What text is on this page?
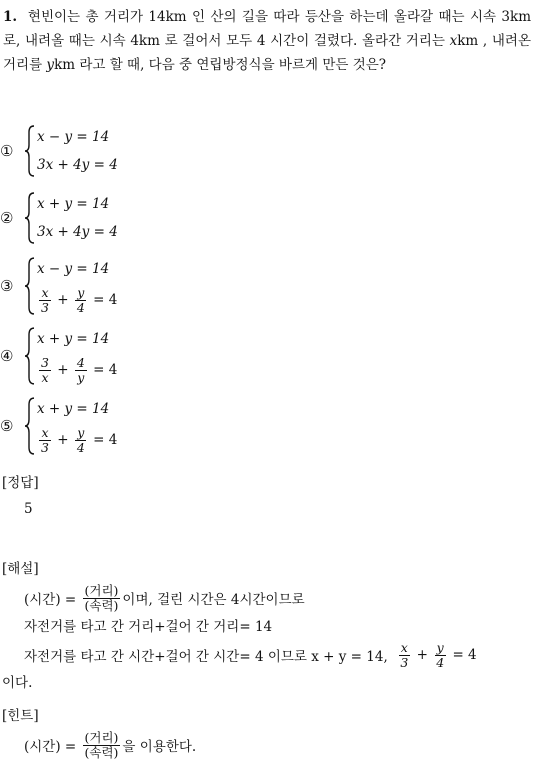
1. 현빈이는 총 거리가 14km 인 산의 길을 따라 등산을 하는데 올라갈 때는 시속 3km 로, 내려올 때는 시속 4km 로 걸어서 모두 4 시간이 걸렸다. 올라간 거리는 xkm , 내려온 거리를 ykm 라고 할 때, 다음 중 연립방정식을 바르게 만든 것은?
①
x − y = 14
3x + 4y = 4
②
x + y = 14
3x + 4y = 4
③
x − y = 14
$\frac{x}{3} + \frac{y}{4}$
= 4
④
x + y = 14
$\frac{3}{x} + \frac{4}{y}$
= 4
⑤
x + y = 14
$\frac{x}{3} + \frac{y}{4}$
= 4
[정답]
5
[해설]
(시간) =
$\frac{\text{(거리)}}{\text{(속력)}}$ 이며, 걸린 시간은 4시간이므로
자전거를 타고 간 거리+걸어 간 거리= 14
자전거를 타고 간 시간+걸어 간 시간= 4 이므로 x + y = 14,
$\frac{x}{3} + \frac{y}{4}$
= 4
이다.
[힌트]
(시간) =
$\frac{\text{(거리)}}{\text{(속력)}}$ 을 이용한다.
